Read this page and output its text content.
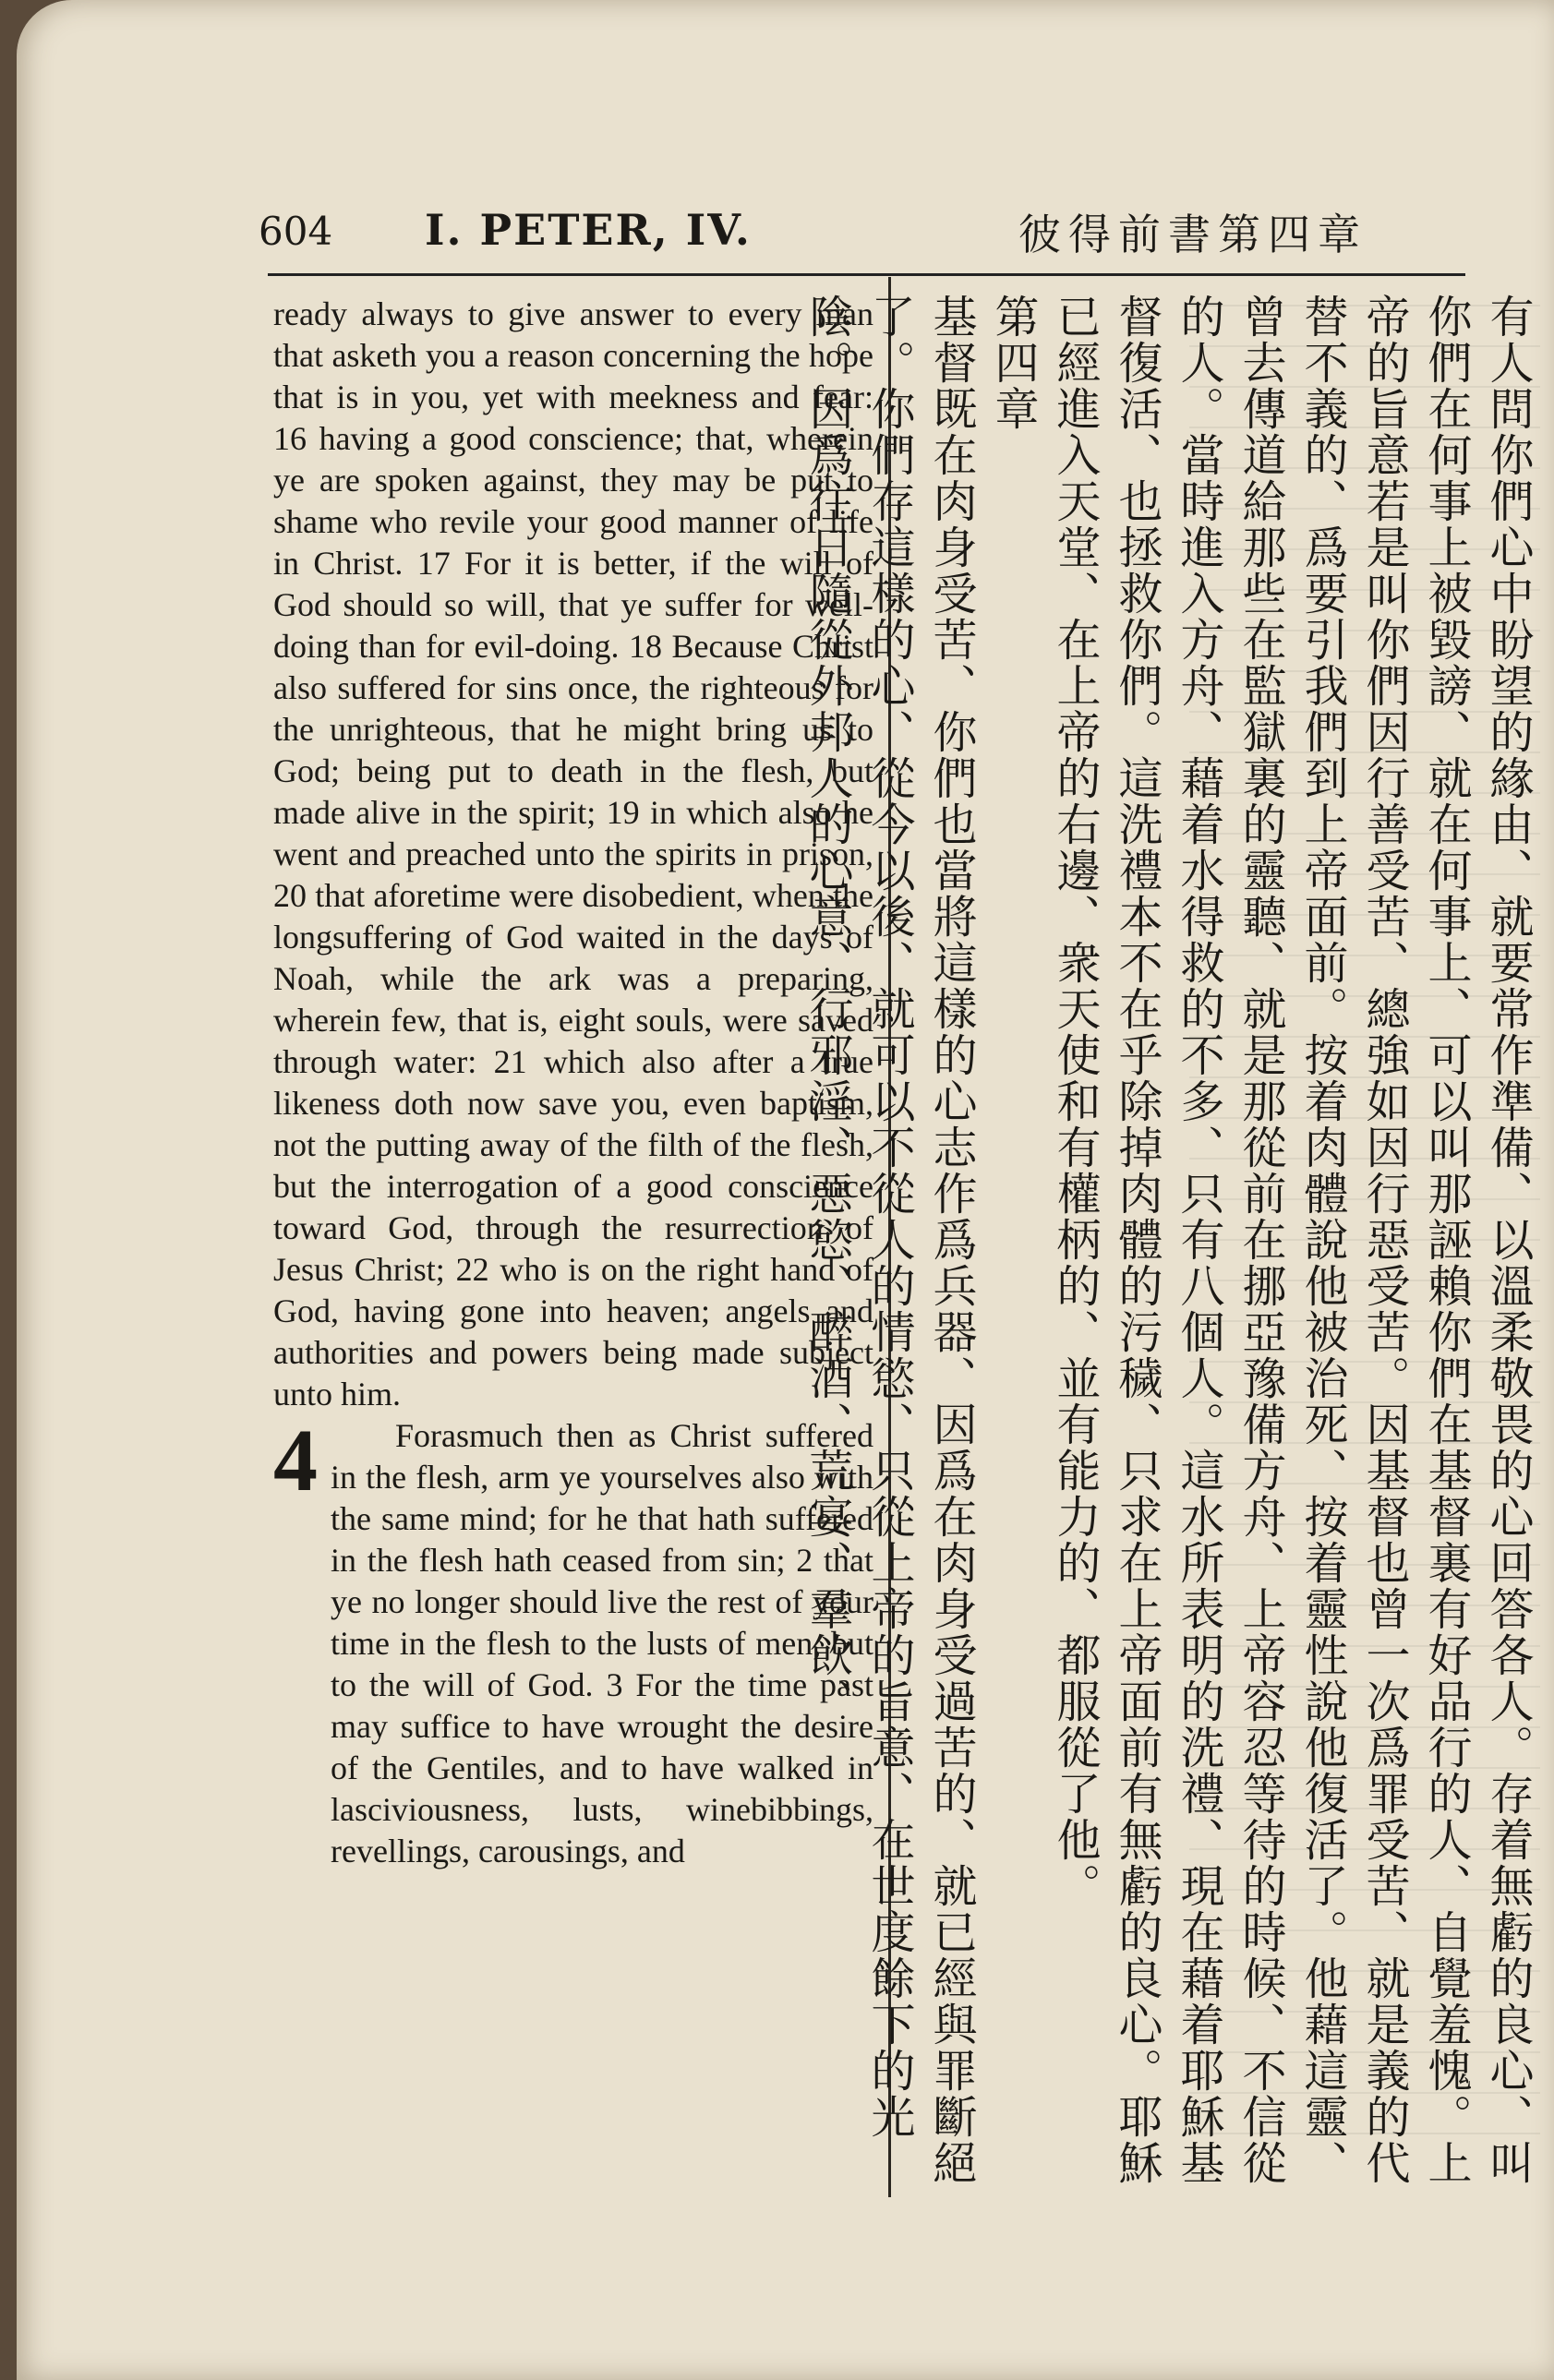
604 I. PETER, IV.	彼得前書第四章

ready always to give answer to every man that asketh you a reason concerning the hope that is in you, yet with meekness and fear: 16 having a good conscience; that, wherein ye are spoken against, they may be put to shame who revile your good manner of life in Christ. 17 For it is better, if the will of God should so will, that ye suffer for well-doing than for evil-doing. 18 Because Christ also suffered for sins once, the righteous for the unrighteous, that he might bring us to God; being put to death in the flesh, but made alive in the spirit; 19 in which also he went and preached unto the spirits in prison, 20 that aforetime were disobedient, when the longsuffering of God waited in the days of Noah, while the ark was a preparing, wherein few, that is, eight souls, were saved through water: 21 which also after a true likeness doth now save you, even baptism, not the putting away of the filth of the flesh, but the interrogation of a good conscience toward God, through the resurrection of Jesus Christ; 22 who is on the right hand of God, having gone into heaven; angels and authorities and powers being made subject unto him.

4	Forasmuch then as Christ suffered in the flesh, arm ye yourselves also with the same mind; for he that hath suffered in the flesh hath ceased from sin; 2 that ye no longer should live the rest of your time in the flesh to the lusts of men, but to the will of God. 3 For the time past may suffice to have wrought the desire of the Gentiles, and to have walked in lasciviousness, lusts, winebibbings, revellings, carousings, and	有人問你們心中盼望的緣由、就要常作準備、以溫柔敬畏的心回答各人。存着無虧的良心、叫你們在何事上被毀謗、就在何事上、可以叫那誣賴你們在基督裏有好品行的人、自覺羞愧。上帝的旨意若是叫你們因行善受苦、總強如因行惡受苦。因基督也曾一次爲罪受苦、就是義的代替不義的、爲要引我們到上帝面前。按着肉體說他被治死、按着靈性說他復活了。他藉這靈、曾去傳道給那些在監獄裏的靈聽、就是那從前在挪亞豫備方舟、上帝容忍等待的時候、不信從的人。當時進入方舟、藉着水得救的不多、只有八個人。這水所表明的洗禮、現在藉着耶穌基督復活、也拯救你們。這洗禮本不在乎除掉肉體的污穢、只求在上帝面前有無虧的良心。耶穌已經進入天堂、在上帝的右邊、衆天使和有權柄的、並有能力的、都服從了他。

第四章

基督既在肉身受苦、你們也當將這樣的心志作爲兵器、因爲在肉身受過苦的、就已經與罪斷絕了。你們存這樣的心、從今以後、就可以不從人的情慾、只從上帝的旨意、在世度餘下的光陰。因爲往日隨從外邦人的心意、行邪淫、惡慾、醉酒、荒宴、羣飲、
